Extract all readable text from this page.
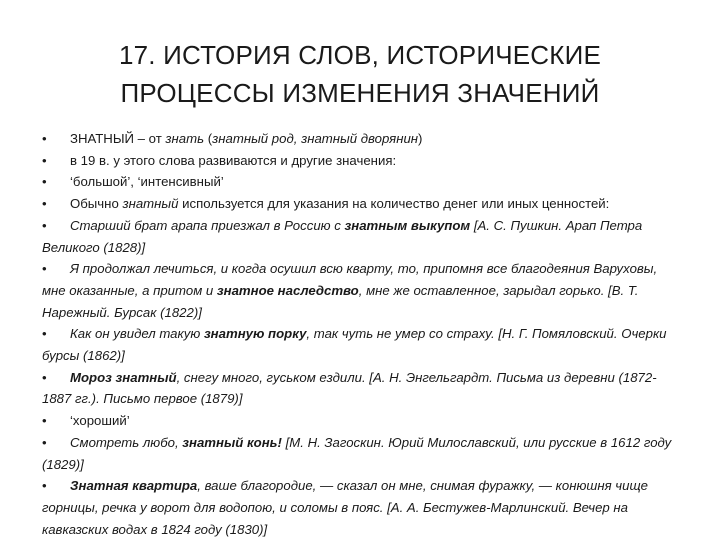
17. ИСТОРИЯ СЛОВ, ИСТОРИЧЕСКИЕ
ПРОЦЕССЫ ИЗМЕНЕНИЯ ЗНАЧЕНИЙ

• ЗНАТНЫЙ – от знать (знатный род, знатный дворянин)

• в 19 в. у этого слова развиваются и другие значения:

• ‘большой’, ‘интенсивный’

• Обычно знатный используется для указания на количество денег или иных ценностей:

• Старший брат арапа приезжал в Россию с знатным выкупом [А. С. Пушкин. Арап Петра Великого (1828)]

• Я продолжал лечиться, и когда осушил всю кварту, то, припомня все благодеяния Варуховы, мне оказанные, а притом и знатное наследство, мне же оставленное, зарыдал горько. [В. Т. Нарежный. Бурсак (1822)]

• Как он увидел такую знатную порку, так чуть не умер со страху. [Н. Г. Помяловский. Очерки бурсы (1862)]

• Мороз знатный, снегу много, гуськом ездили. [А. Н. Энгельгардт. Письма из деревни (1872-1887 гг.). Письмо первое (1879)]

• ‘хороший’

• Смотреть любо, знатный конь! [М. Н. Загоскин. Юрий Милославский, или русские в 1612 году (1829)]

• Знатная квартира, ваше благородие, — сказал он мне, снимая фуражку, — конюшня чище горницы, речка у ворот для водопою, и соломы в пояс. [А. А. Бестужев-Марлинский. Вечер на кавказских водах в 1824 году (1830)]
